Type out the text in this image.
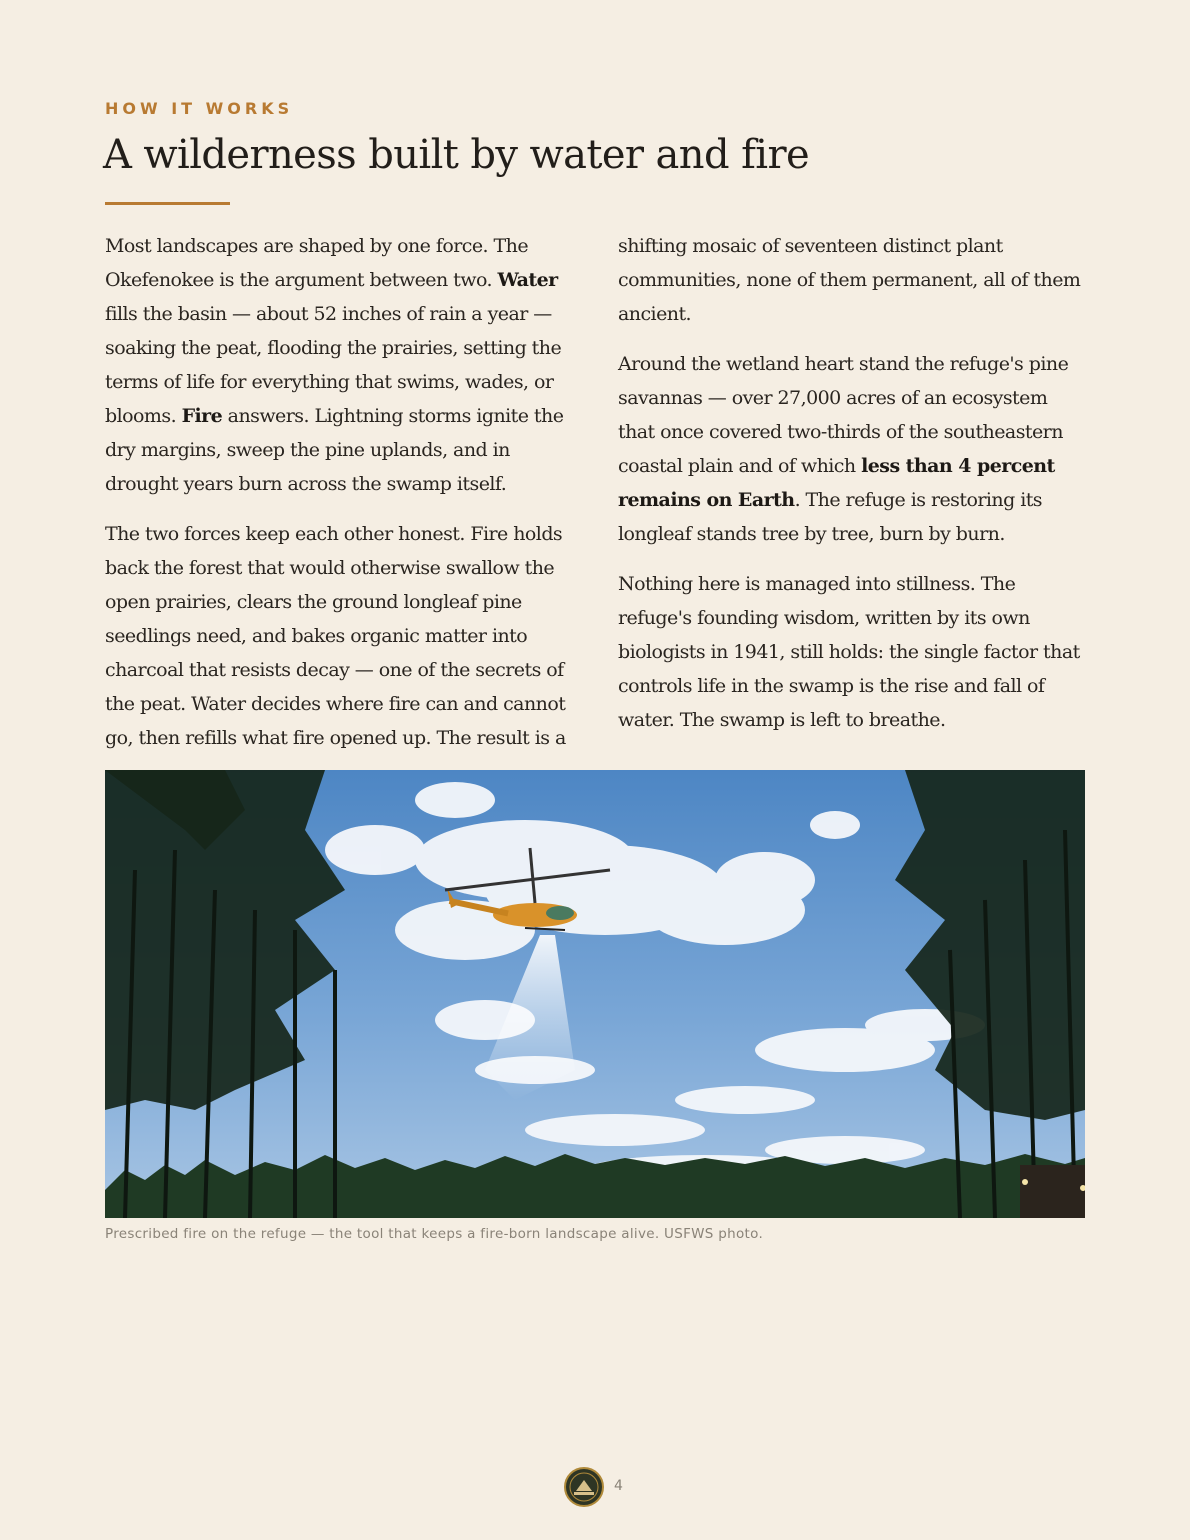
HOW IT WORKS
A wilderness built by water and fire

Most landscapes are shaped by one force. The Okefenokee is the argument between two. Water fills the basin — about 52 inches of rain a year — soaking the peat, flooding the prairies, setting the terms of life for everything that swims, wades, or blooms. Fire answers. Lightning storms ignite the dry margins, sweep the pine uplands, and in drought years burn across the swamp itself.

The two forces keep each other honest. Fire holds back the forest that would otherwise swallow the open prairies, clears the ground longleaf pine seedlings need, and bakes organic matter into charcoal that resists decay — one of the secrets of the peat. Water decides where fire can and cannot go, then refills what fire opened up. The result is a

shifting mosaic of seventeen distinct plant communities, none of them permanent, all of them ancient.

Around the wetland heart stand the refuge's pine savannas — over 27,000 acres of an ecosystem that once covered two-thirds of the southeastern coastal plain and of which less than 4 percent remains on Earth. The refuge is restoring its longleaf stands tree by tree, burn by burn.

Nothing here is managed into stillness. The refuge's founding wisdom, written by its own biologists in 1941, still holds: the single factor that controls life in the swamp is the rise and fall of water. The swamp is left to breathe.

Prescribed fire on the refuge — the tool that keeps a fire-born landscape alive. USFWS photo.
4
